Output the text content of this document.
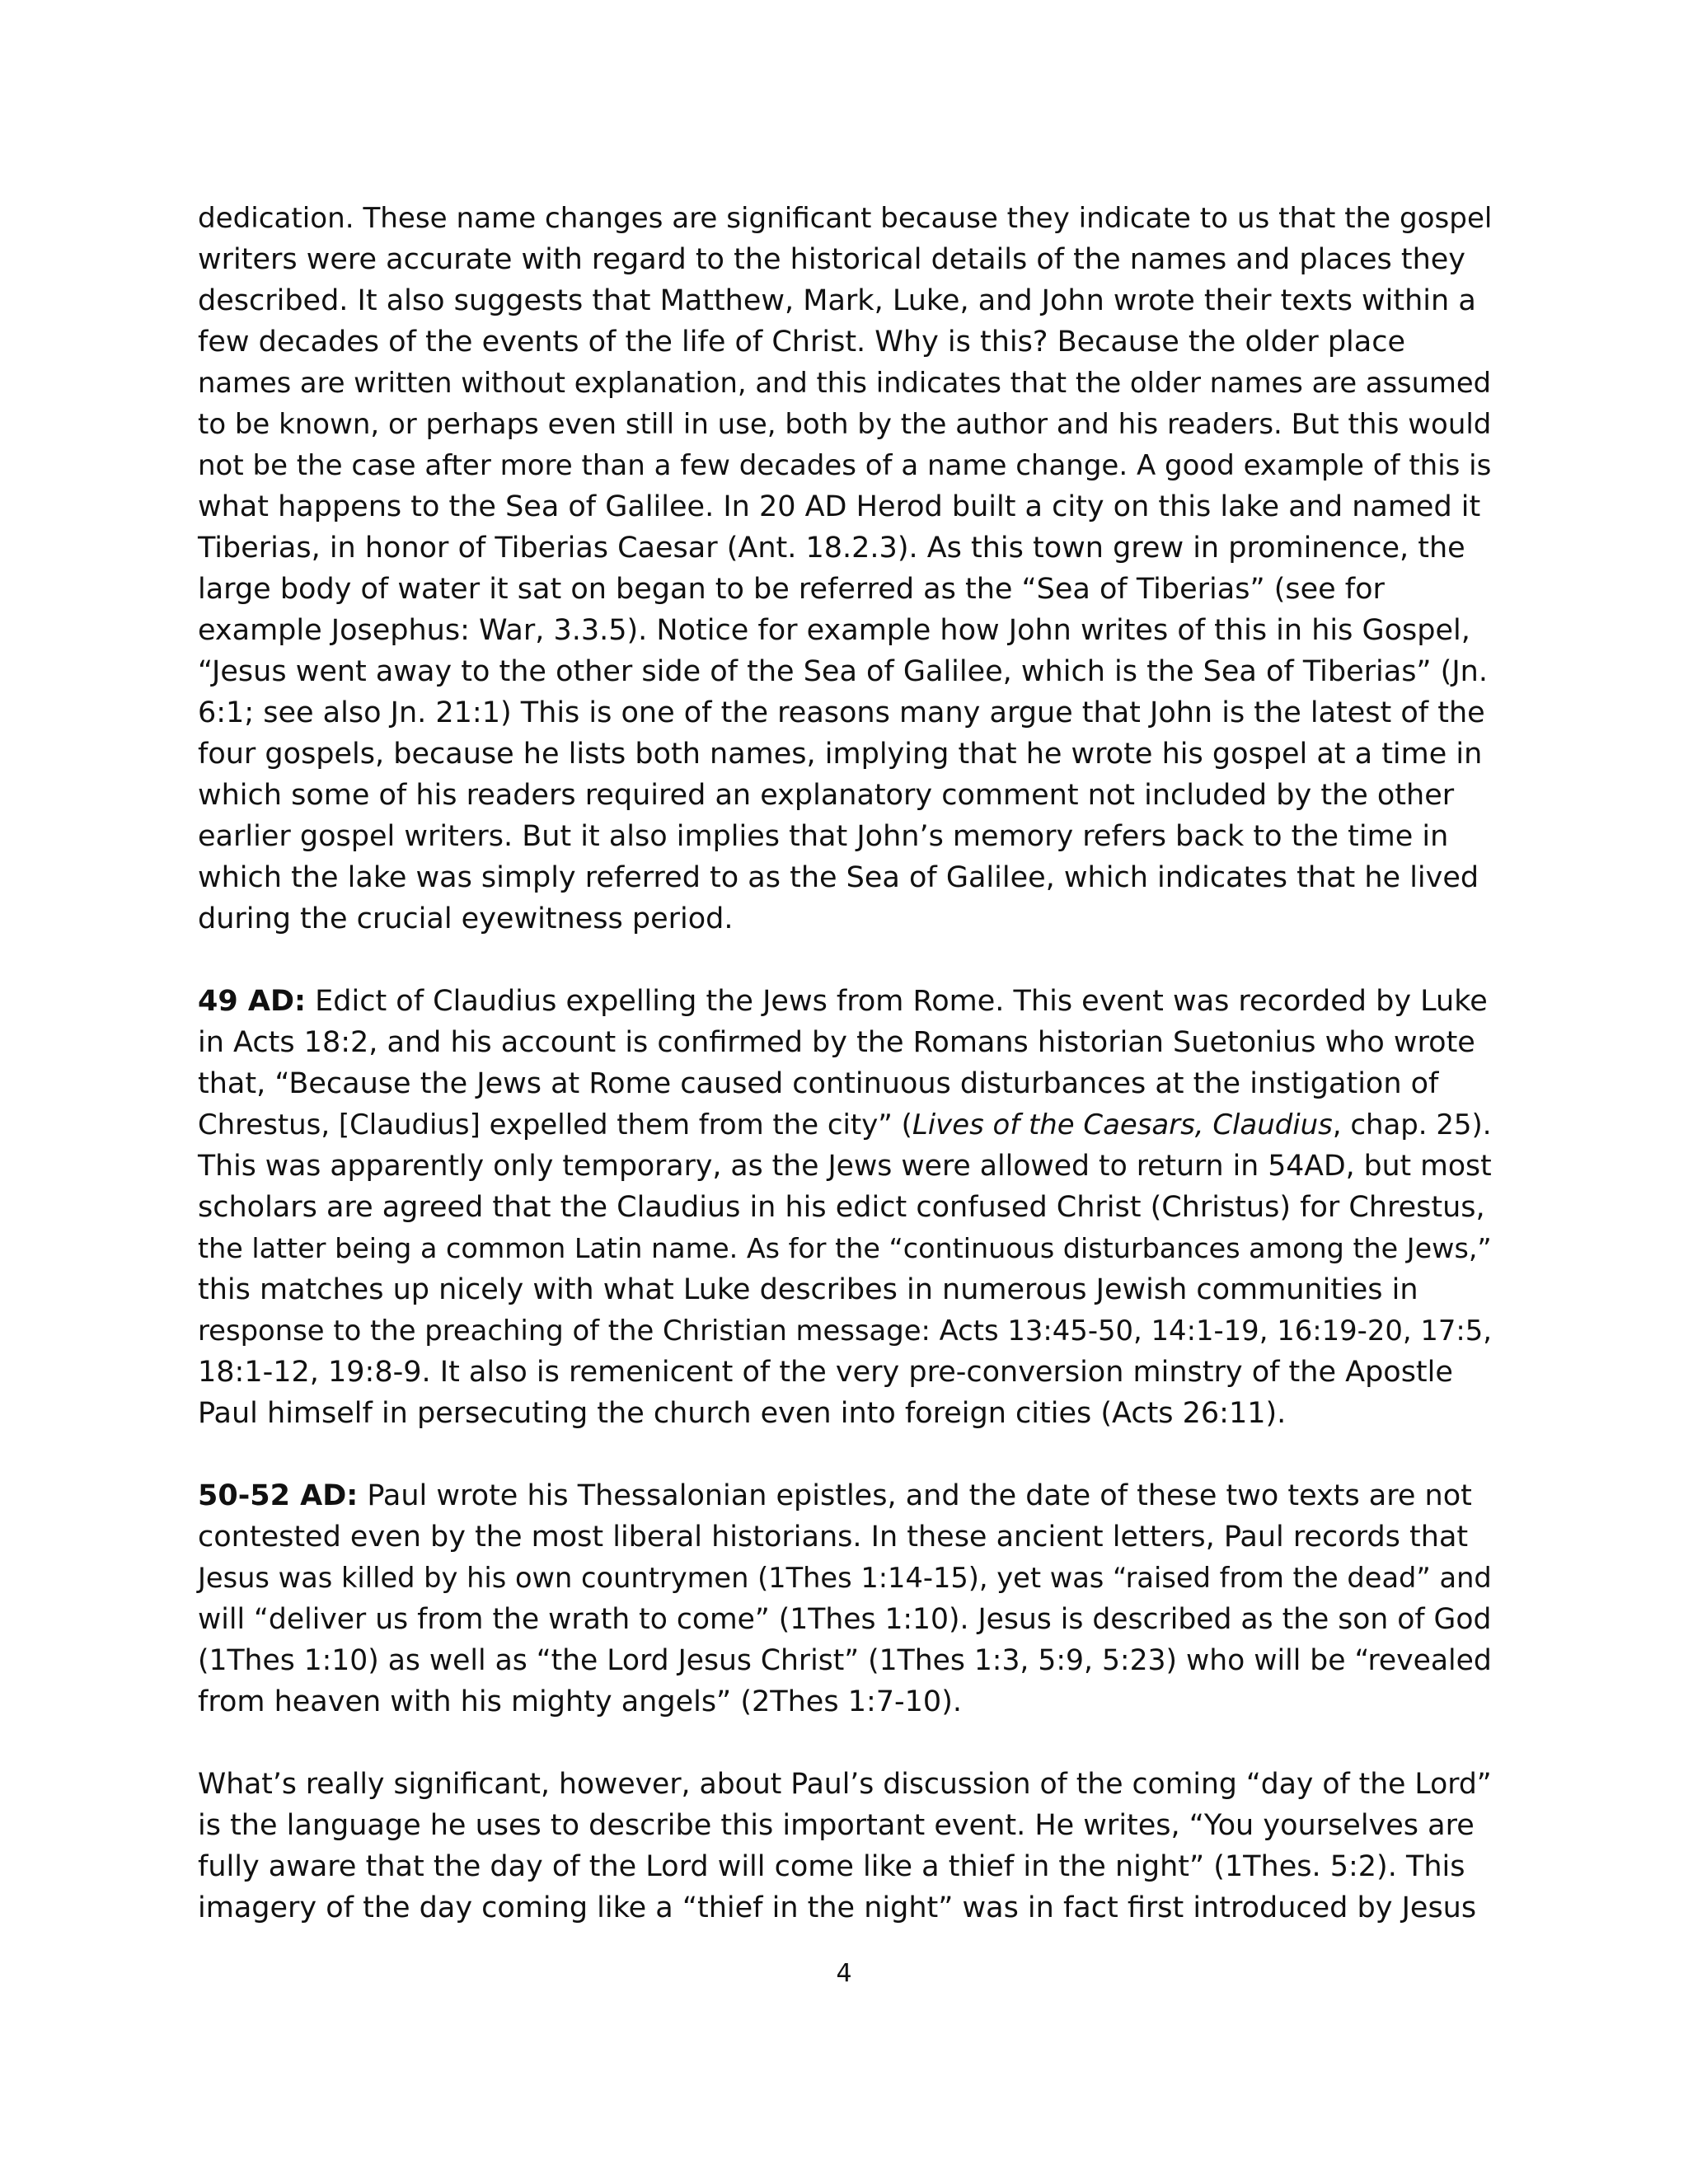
dedication. These name changes are significant because they indicate to us that the gospel
writers were accurate with regard to the historical details of the names and places they
described. It also suggests that Matthew, Mark, Luke, and John wrote their texts within a
few decades of the events of the life of Christ. Why is this? Because the older place
names are written without explanation, and this indicates that the older names are assumed
to be known, or perhaps even still in use, both by the author and his readers. But this would
not be the case after more than a few decades of a name change. A good example of this is
what happens to the Sea of Galilee. In 20 AD Herod built a city on this lake and named it
Tiberias, in honor of Tiberias Caesar (Ant. 18.2.3). As this town grew in prominence, the
large body of water it sat on began to be referred as the “Sea of Tiberias” (see for
example Josephus: War, 3.3.5). Notice for example how John writes of this in his Gospel,
“Jesus went away to the other side of the Sea of Galilee, which is the Sea of Tiberias” (Jn.
6:1; see also Jn. 21:1) This is one of the reasons many argue that John is the latest of the
four gospels, because he lists both names, implying that he wrote his gospel at a time in
which some of his readers required an explanatory comment not included by the other
earlier gospel writers. But it also implies that John’s memory refers back to the time in
which the lake was simply referred to as the Sea of Galilee, which indicates that he lived
during the crucial eyewitness period.

49 AD: Edict of Claudius expelling the Jews from Rome. This event was recorded by Luke
in Acts 18:2, and his account is confirmed by the Romans historian Suetonius who wrote
that, “Because the Jews at Rome caused continuous disturbances at the instigation of
Chrestus, [Claudius] expelled them from the city” (Lives of the Caesars, Claudius, chap. 25).
This was apparently only temporary, as the Jews were allowed to return in 54AD, but most
scholars are agreed that the Claudius in his edict confused Christ (Christus) for Chrestus,
the latter being a common Latin name. As for the “continuous disturbances among the Jews,”
this matches up nicely with what Luke describes in numerous Jewish communities in
response to the preaching of the Christian message: Acts 13:45-50, 14:1-19, 16:19-20, 17:5,
18:1-12, 19:8-9. It also is remenicent of the very pre-conversion minstry of the Apostle
Paul himself in persecuting the church even into foreign cities (Acts 26:11).

50-52 AD: Paul wrote his Thessalonian epistles, and the date of these two texts are not
contested even by the most liberal historians. In these ancient letters, Paul records that
Jesus was killed by his own countrymen (1Thes 1:14-15), yet was “raised from the dead” and
will “deliver us from the wrath to come” (1Thes 1:10). Jesus is described as the son of God
(1Thes 1:10) as well as “the Lord Jesus Christ” (1Thes 1:3, 5:9, 5:23) who will be “revealed
from heaven with his mighty angels” (2Thes 1:7-10).

What’s really significant, however, about Paul’s discussion of the coming “day of the Lord”
is the language he uses to describe this important event. He writes, “You yourselves are
fully aware that the day of the Lord will come like a thief in the night” (1Thes. 5:2). This
imagery of the day coming like a “thief in the night” was in fact first introduced by Jesus

4
